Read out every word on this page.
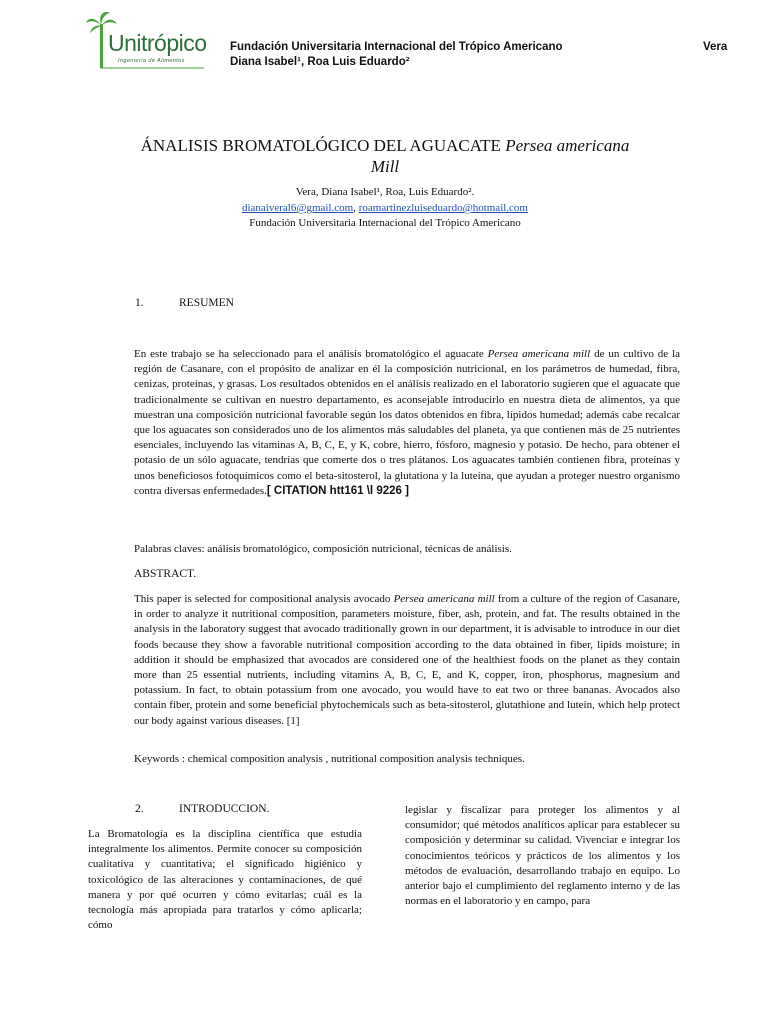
Unitrópico
Ingeniería de Alimentos
Fundación Universitaria Internacional del Trópico Americano
Diana Isabel¹, Roa Luis Eduardo²
Vera
ÁNALISIS BROMATOLÓGICO DEL AGUACATE Persea americana Mill
Vera, Diana Isabel¹, Roa, Luis Eduardo².
dianaiveral6@gmail.com, roamartinezluiseduardo@hotmail.com
Fundación Universitaria Internacional del Trópico Americano
1.	RESUMEN
En este trabajo se ha seleccionado para el análisis bromatológico el aguacate Persea americana mill de un cultivo de la región de Casanare, con el propósito de analizar en él la composición nutricional, en los parámetros de humedad, fibra, cenizas, proteínas, y grasas. Los resultados obtenidos en el análisis realizado en el laboratorio sugieren que el aguacate que tradicionalmente se cultivan en nuestro departamento, es aconsejable introducirlo en nuestra dieta de alimentos, ya que muestran una composición nutricional favorable según los datos obtenidos en fibra, lípidos humedad; además cabe recalcar que los aguacates son considerados uno de los alimentos más saludables del planeta, ya que contienen más de 25 nutrientes esenciales, incluyendo las vitaminas A, B, C, E, y K, cobre, hierro, fósforo, magnesio y potasio. De hecho, para obtener el potasio de un sólo aguacate, tendrías que comerte dos o tres plátanos. Los aguacates también contienen fibra, proteínas y unos beneficiosos fotoquímicos como el beta-sitosterol, la glutationa y la luteína, que ayudan a proteger nuestro organismo contra diversas enfermedades.[ CITATION htt161 \l 9226 ]
Palabras claves: análisis bromatológico, composición nutricional, técnicas de análisis.
ABSTRACT.
This paper is selected for compositional analysis avocado Persea americana mill from a culture of the region of Casanare, in order to analyze it nutritional composition, parameters moisture, fiber, ash, protein, and fat. The results obtained in the analysis in the laboratory suggest that avocado traditionally grown in our department, it is advisable to introduce in our diet foods because they show a favorable nutritional composition according to the data obtained in fiber, lipids moisture; in addition it should be emphasized that avocados are considered one of the healthiest foods on the planet as they contain more than 25 essential nutrients, including vitamins A, B, C, E, and K, copper, iron, phosphorus, magnesium and potassium. In fact, to obtain potassium from one avocado, you would have to eat two or three bananas. Avocados also contain fiber, protein and some beneficial phytochemicals such as beta-sitosterol, glutathione and lutein, which help protect our body against various diseases. [1]
Keywords : chemical composition analysis , nutritional composition analysis techniques.
2.	INTRODUCCION.
La Bromatología es la disciplina científica que estudia integralmente los alimentos. Permite conocer su composición cualitativa y cuantitativa; el significado higiénico y toxicológico de las alteraciones y contaminaciones, de qué manera y por qué ocurren y cómo evitarlas; cuál es la tecnología más apropiada para tratarlos y cómo aplicarla; cómo
legislar y fiscalizar para proteger los alimentos y al consumidor; qué métodos analíticos aplicar para establecer su composición y determinar su calidad. Vivenciar e integrar los conocimientos teóricos y prácticos de los alimentos y los métodos de evaluación, desarrollando trabajo en equipo. Lo anterior bajo el cumplimiento del reglamento interno y de las normas en el laboratorio y en campo, para
